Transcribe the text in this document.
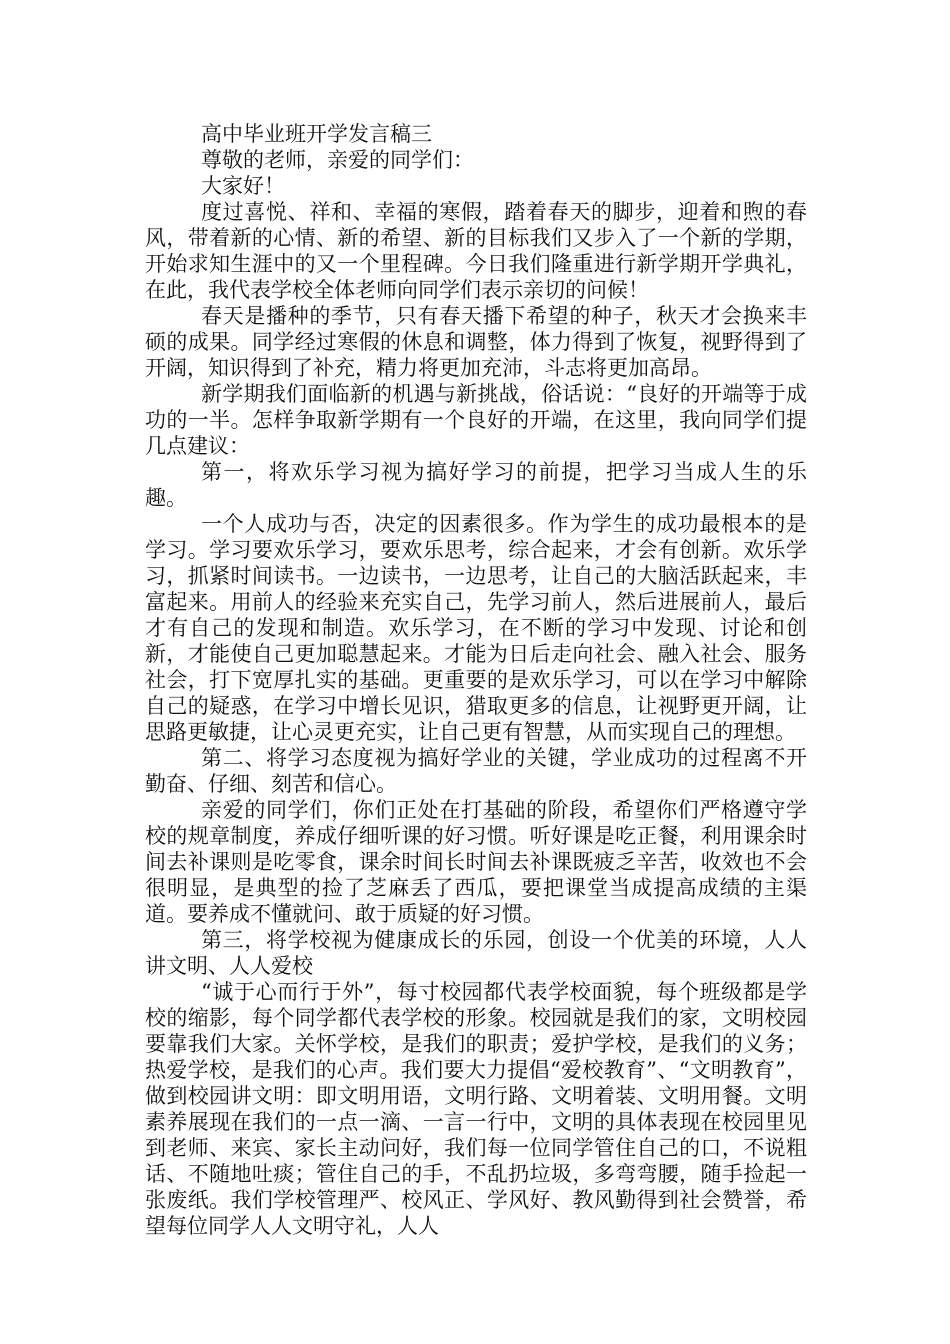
高中毕业班开学发言稿三

尊敬的老师，亲爱的同学们：

大家好！

度过喜悦、祥和、幸福的寒假，踏着春天的脚步，迎着和煦的春风，带着新的心情、新的希望、新的目标我们又步入了一个新的学期，开始求知生涯中的又一个里程碑。今日我们隆重进行新学期开学典礼，在此，我代表学校全体老师向同学们表示亲切的问候！

春天是播种的季节，只有春天播下希望的种子，秋天才会换来丰硕的成果。同学经过寒假的休息和调整，体力得到了恢复，视野得到了开阔，知识得到了补充，精力将更加充沛，斗志将更加高昂。

新学期我们面临新的机遇与新挑战，俗话说：“良好的开端等于成功的一半。怎样争取新学期有一个良好的开端，在这里，我向同学们提几点建议：

第一，将欢乐学习视为搞好学习的前提，把学习当成人生的乐趣。

一个人成功与否，决定的因素很多。作为学生的成功最根本的是学习。学习要欢乐学习，要欢乐思考，综合起来，才会有创新。欢乐学习，抓紧时间读书。一边读书，一边思考，让自己的大脑活跃起来，丰富起来。用前人的经验来充实自己，先学习前人，然后进展前人，最后才有自己的发现和制造。欢乐学习，在不断的学习中发现、讨论和创新，才能使自己更加聪慧起来。才能为日后走向社会、融入社会、服务社会，打下宽厚扎实的基础。更重要的是欢乐学习，可以在学习中解除自己的疑惑，在学习中增长见识，猎取更多的信息，让视野更开阔，让思路更敏捷，让心灵更充实，让自己更有智慧，从而实现自己的理想。

第二、将学习态度视为搞好学业的关键，学业成功的过程离不开勤奋、仔细、刻苦和信心。

亲爱的同学们，你们正处在打基础的阶段，希望你们严格遵守学校的规章制度，养成仔细听课的好习惯。听好课是吃正餐，利用课余时间去补课则是吃零食，课余时间长时间去补课既疲乏辛苦，收效也不会很明显，是典型的捡了芝麻丢了西瓜，要把课堂当成提高成绩的主渠道。要养成不懂就问、敢于质疑的好习惯。

第三，将学校视为健康成长的乐园，创设一个优美的环境，人人讲文明、人人爱校

“诚于心而行于外”，每寸校园都代表学校面貌，每个班级都是学校的缩影，每个同学都代表学校的形象。校园就是我们的家，文明校园要靠我们大家。关怀学校，是我们的职责；爱护学校，是我们的义务；热爱学校，是我们的心声。我们要大力提倡“爱校教育”、“文明教育”，做到校园讲文明：即文明用语，文明行路、文明着装、文明用餐。文明素养展现在我们的一点一滴、一言一行中，文明的具体表现在校园里见到老师、来宾、家长主动问好，我们每一位同学管住自己的口，不说粗话、不随地吐痰；管住自己的手，不乱扔垃圾，多弯弯腰，随手捡起一张废纸。我们学校管理严、校风正、学风好、教风勤得到社会赞誉，希望每位同学人人文明守礼，人人
